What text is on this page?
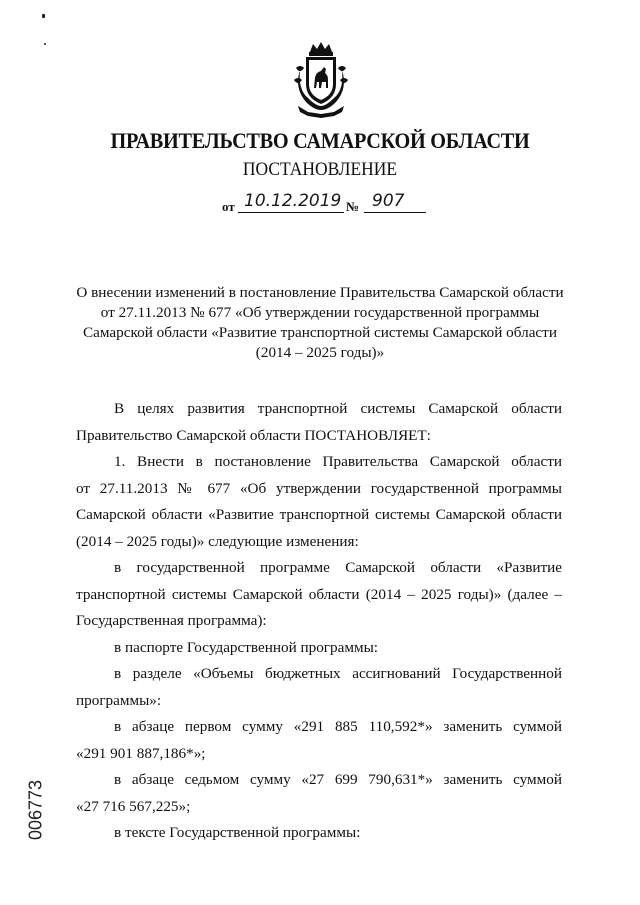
ПРАВИТЕЛЬСТВО САМАРСКОЙ ОБЛАСТИ
ПОСТАНОВЛЕНИЕ
от 10.12.2019 № 907
О внесении изменений в постановление Правительства Самарской области
от 27.11.2013 № 677 «Об утверждении государственной программы
Самарской области «Развитие транспортной системы Самарской области
(2014 – 2025 годы)»
В целях развития транспортной системы Самарской области
Правительство Самарской области ПОСТАНОВЛЯЕТ:
1. Внести в постановление Правительства Самарской области
от 27.11.2013 № 677 «Об утверждении государственной программы
Самарской области «Развитие транспортной системы Самарской области
(2014 – 2025 годы)» следующие изменения:
в государственной программе Самарской области «Развитие
транспортной системы Самарской области (2014 – 2025 годы)» (далее –
Государственная программа):
в паспорте Государственной программы:
в разделе «Объемы бюджетных ассигнований Государственной
программы»:
в абзаце первом сумму «291 885 110,592*» заменить суммой
«291 901 887,186*»;
в абзаце седьмом сумму «27 699 790,631*» заменить суммой
«27 716 567,225»;
в тексте Государственной программы:
006773
